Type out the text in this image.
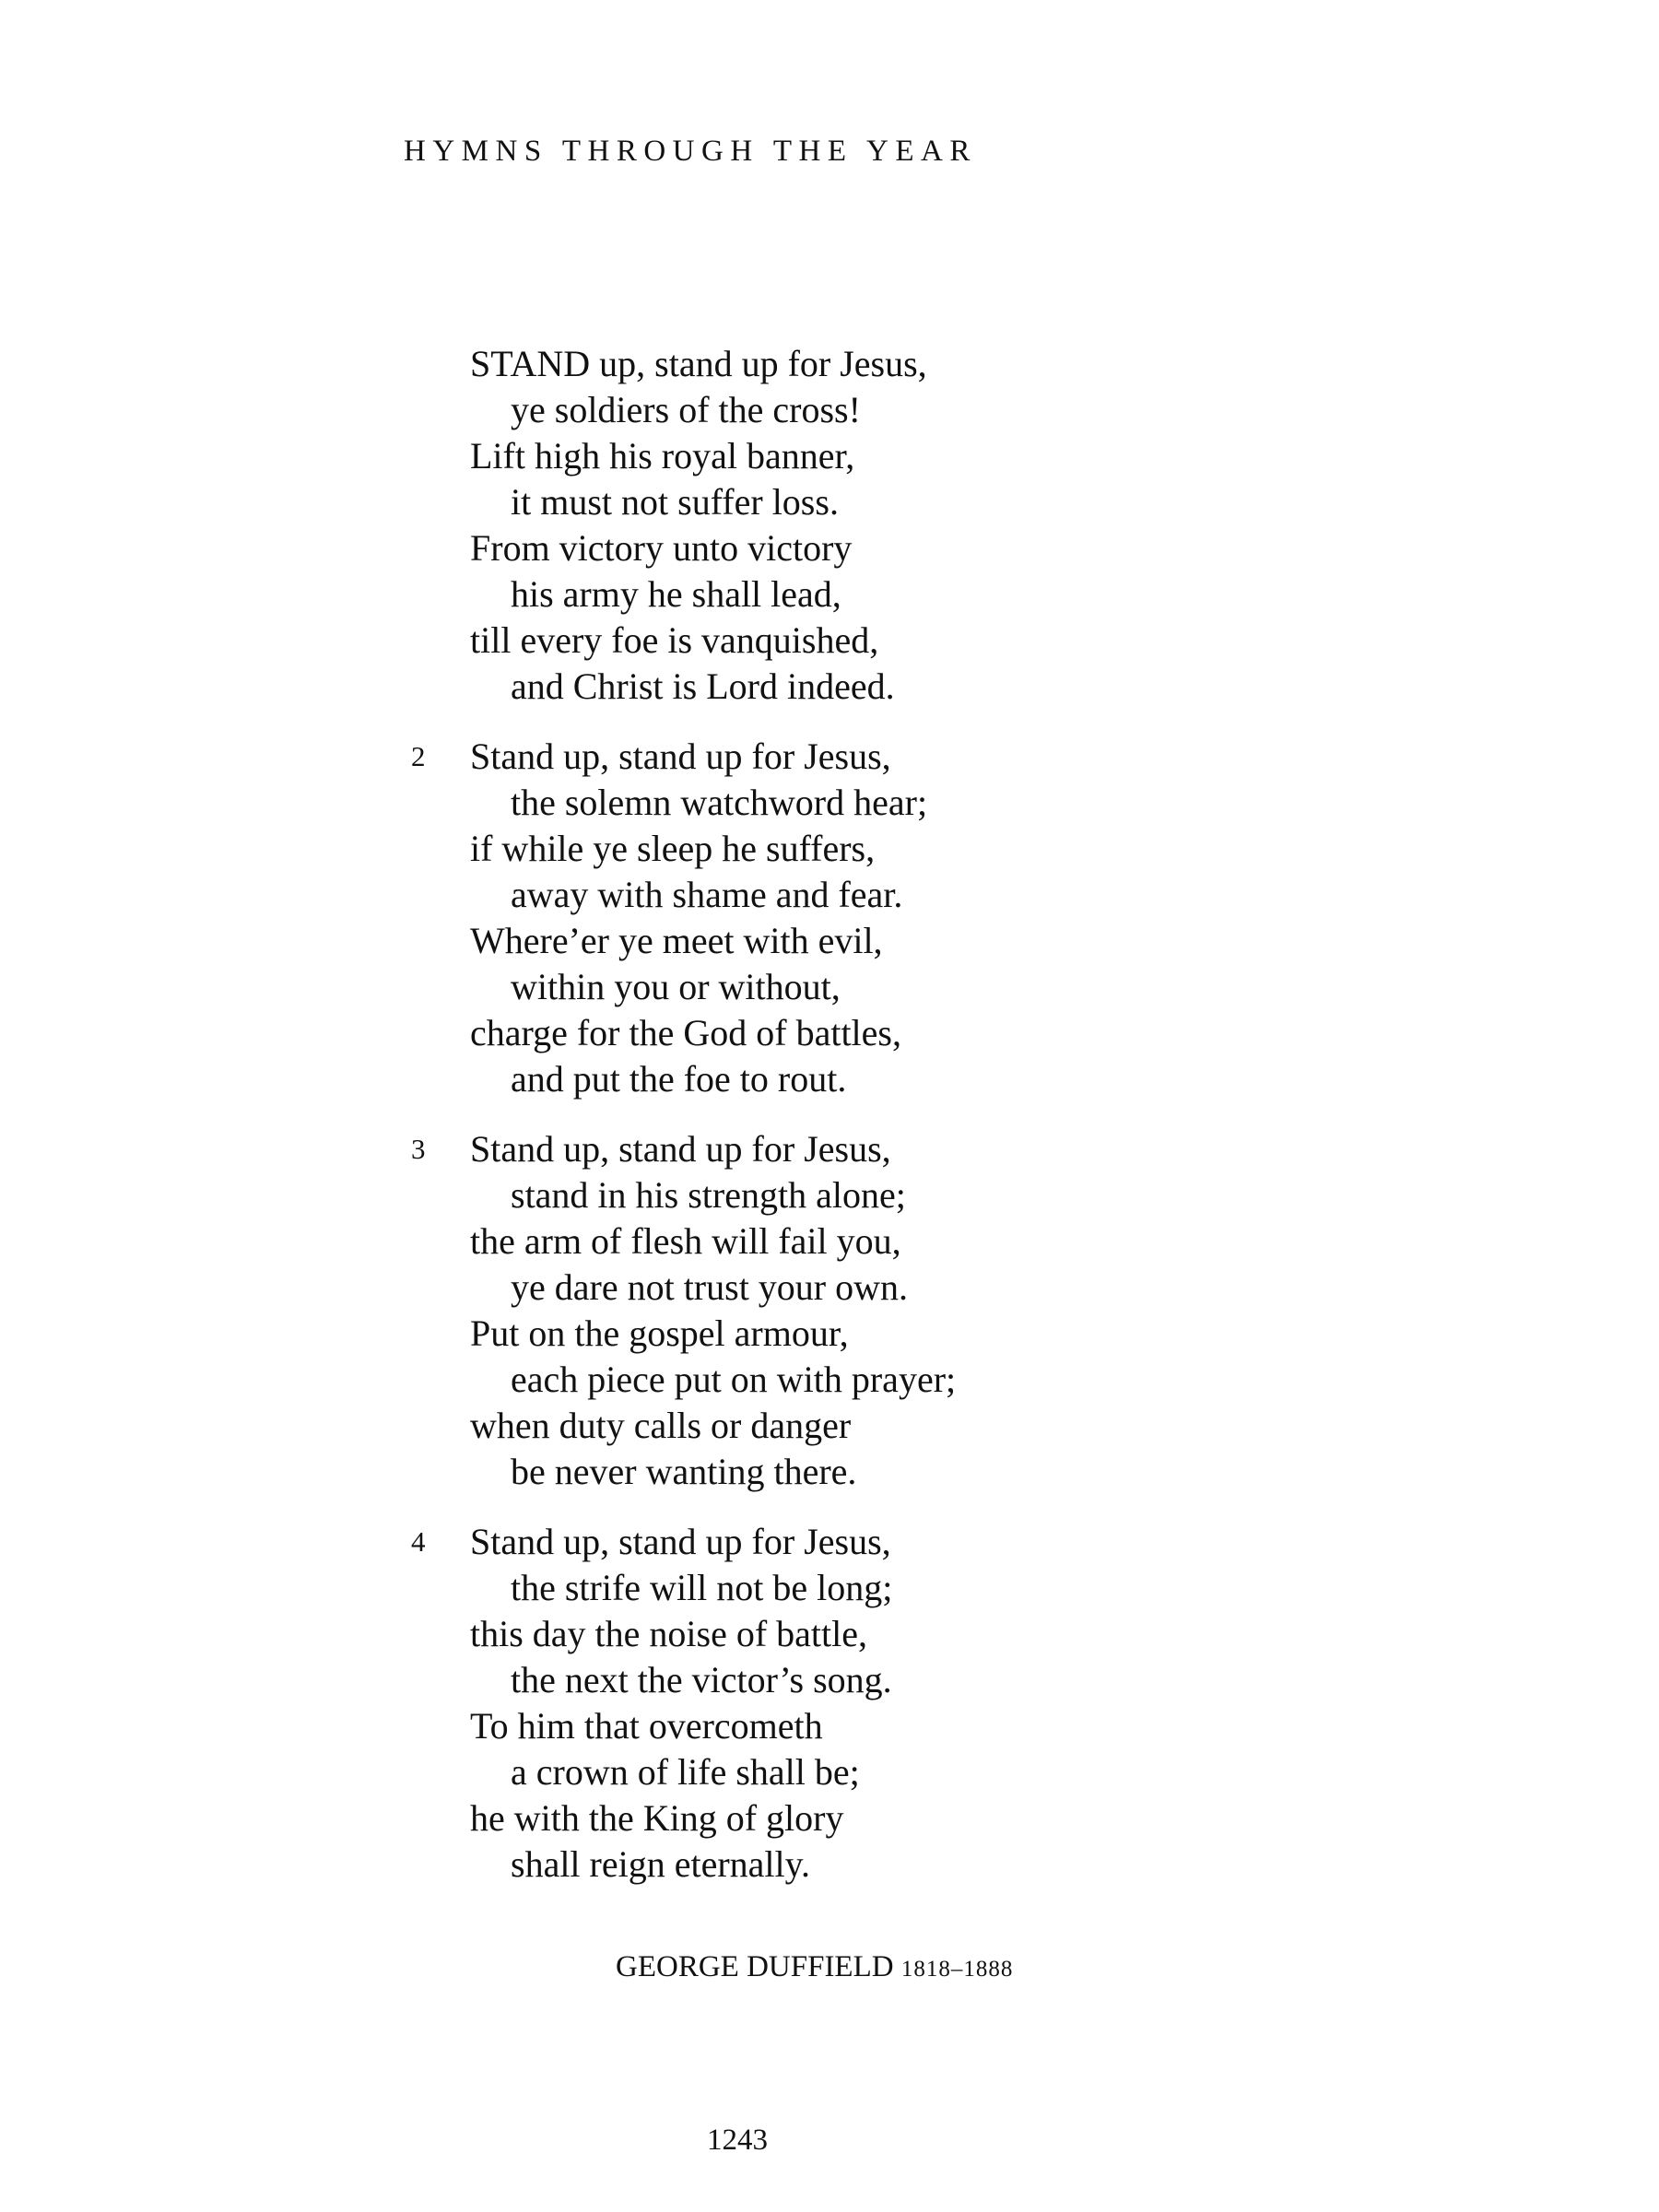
HYMNS THROUGH THE YEAR
STAND up, stand up for Jesus,
ye soldiers of the cross!
Lift high his royal banner,
it must not suffer loss.
From victory unto victory
his army he shall lead,
till every foe is vanquished,
and Christ is Lord indeed.
2 Stand up, stand up for Jesus,
the solemn watchword hear;
if while ye sleep he suffers,
away with shame and fear.
Where’er ye meet with evil,
within you or without,
charge for the God of battles,
and put the foe to rout.
3 Stand up, stand up for Jesus,
stand in his strength alone;
the arm of flesh will fail you,
ye dare not trust your own.
Put on the gospel armour,
each piece put on with prayer;
when duty calls or danger
be never wanting there.
4 Stand up, stand up for Jesus,
the strife will not be long;
this day the noise of battle,
the next the victor’s song.
To him that overcometh
a crown of life shall be;
he with the King of glory
shall reign eternally.
GEORGE DUFFIELD 1818–1888
1243
